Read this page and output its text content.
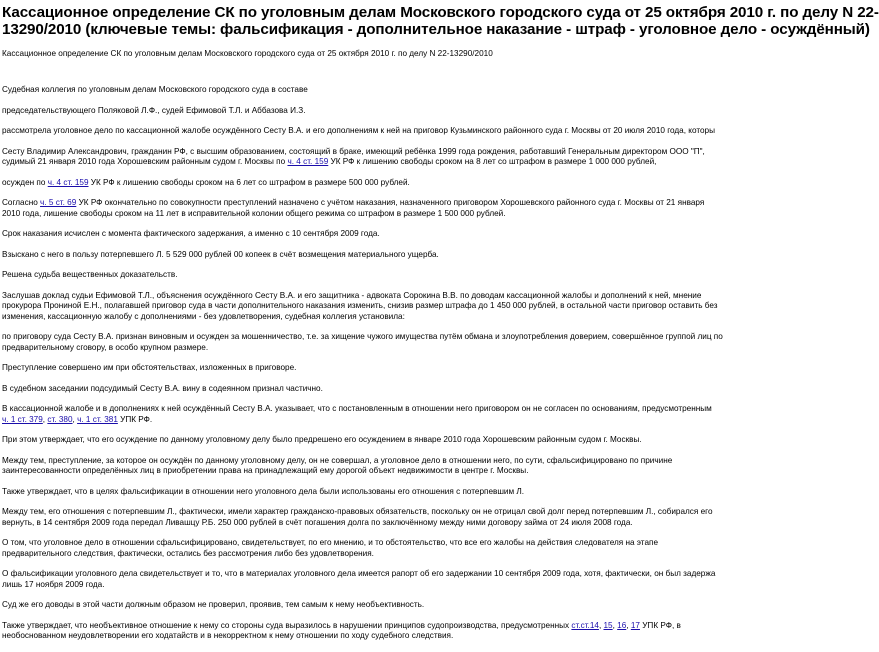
Кассационное определение СК по уголовным делам Московского городского суда от 25 октября 2010 г. по делу N 22-
13290/2010 (ключевые темы: фальсификация - дополнительное наказание - штраф - уголовное дело - осуждённый)
Кассационное определение СК по уголовным делам Московского городского суда от 25 октября 2010 г. по делу N 22-13290/2010
Судебная коллегия по уголовным делам Московского городского суда в составе
председательствующего Поляковой Л.Ф., судей Ефимовой Т.Л. и Аббазова И.З.
рассмотрела уголовное дело по кассационной жалобе осуждённого Сесту В.А. и его дополнениям к ней на приговор Кузьминского районного суда г. Москвы от 20 июля 2010 года, которы
Сесту Владимир Александрович, гражданин РФ, с высшим образованием, состоящий в браке, имеющий ребёнка 1999 года рождения, работавший Генеральным директором ООО "П",
судимый 21 января 2010 года Хорошевским районным судом г. Москвы по ч. 4 ст. 159 УК РФ к лишению свободы сроком на 8 лет со штрафом в размере 1 000 000 рублей,
осужден по ч. 4 ст. 159 УК РФ к лишению свободы сроком на 6 лет со штрафом в размере 500 000 рублей.
Согласно ч. 5 ст. 69 УК РФ окончательно по совокупности преступлений назначено с учётом наказания, назначенного приговором Хорошевского районного суда г. Москвы от 21 января
2010 года, лишение свободы сроком на 11 лет в исправительной колонии общего режима со штрафом в размере 1 500 000 рублей.
Срок наказания исчислен с момента фактического задержания, а именно с 10 сентября 2009 года.
Взыскано с него в пользу потерпевшего Л. 5 529 000 рублей 00 копеек в счёт возмещения материального ущерба.
Решена судьба вещественных доказательств.
Заслушав доклад судьи Ефимовой Т.Л., объяснения осуждённого Сесту В.А. и его защитника - адвоката Сорокина В.В. по доводам кассационной жалобы и дополнений к ней, мнение
прокурора Прониной Е.Н., полагавшей приговор суда в части дополнительного наказания изменить, снизив размер штрафа до 1 450 000 рублей, в остальной части приговор оставить без
изменения, кассационную жалобу с дополнениями - без удовлетворения, судебная коллегия установила:
по приговору суда Сесту В.А. признан виновным и осужден за мошенничество, т.е. за хищение чужого имущества путём обмана и злоупотребления доверием, совершённое группой лиц по
предварительному сговору, в особо крупном размере.
Преступление совершено им при обстоятельствах, изложенных в приговоре.
В судебном заседании подсудимый Сесту В.А. вину в содеянном признал частично.
В кассационной жалобе и в дополнениях к ней осуждённый Сесту В.А. указывает, что с постановленным в отношении него приговором он не согласен по основаниям, предусмотренным
ч. 1 ст. 379, ст. 380, ч. 1 ст. 381 УПК РФ.
При этом утверждает, что его осуждение по данному уголовному делу было предрешено его осуждением в январе 2010 года Хорошевским районным судом г. Москвы.
Между тем, преступление, за которое он осуждён по данному уголовному делу, он не совершал, а уголовное дело в отношении него, по сути, сфальсифицировано по причине
заинтересованности определённых лиц в приобретении права на принадлежащий ему дорогой объект недвижимости в центре г. Москвы.
Также утверждает, что в целях фальсификации в отношении него уголовного дела были использованы его отношения с потерпевшим Л.
Между тем, его отношения с потерпевшим Л., фактически, имели характер гражданско-правовых обязательств, поскольку он не отрицал свой долг перед потерпевшим Л., собирался его
вернуть, в 14 сентября 2009 года передал Ливашцу Р.Б. 250 000 рублей в счёт погашения долга по заключённому между ними договору займа от 24 июля 2008 года.
О том, что уголовное дело в отношении сфальсифицировано, свидетельствует, по его мнению, и то обстоятельство, что все его жалобы на действия следователя на этапе
предварительного следствия, фактически, остались без рассмотрения либо без удовлетворения.
О фальсификации уголовного дела свидетельствует и то, что в материалах уголовного дела имеется рапорт об его задержании 10 сентября 2009 года, хотя, фактически, он был задержа
лишь 17 ноября 2009 года.
Суд же его доводы в этой части должным образом не проверил, проявив, тем самым к нему необъективность.
Также утверждает, что необъективное отношение к нему со стороны суда выразилось в нарушении принципов судопроизводства, предусмотренных ст.ст.14, 15, 16, 17 УПК РФ, в
необоснованном неудовлетворении его ходатайств и в некорректном к нему отношении по ходу судебного следствия.
